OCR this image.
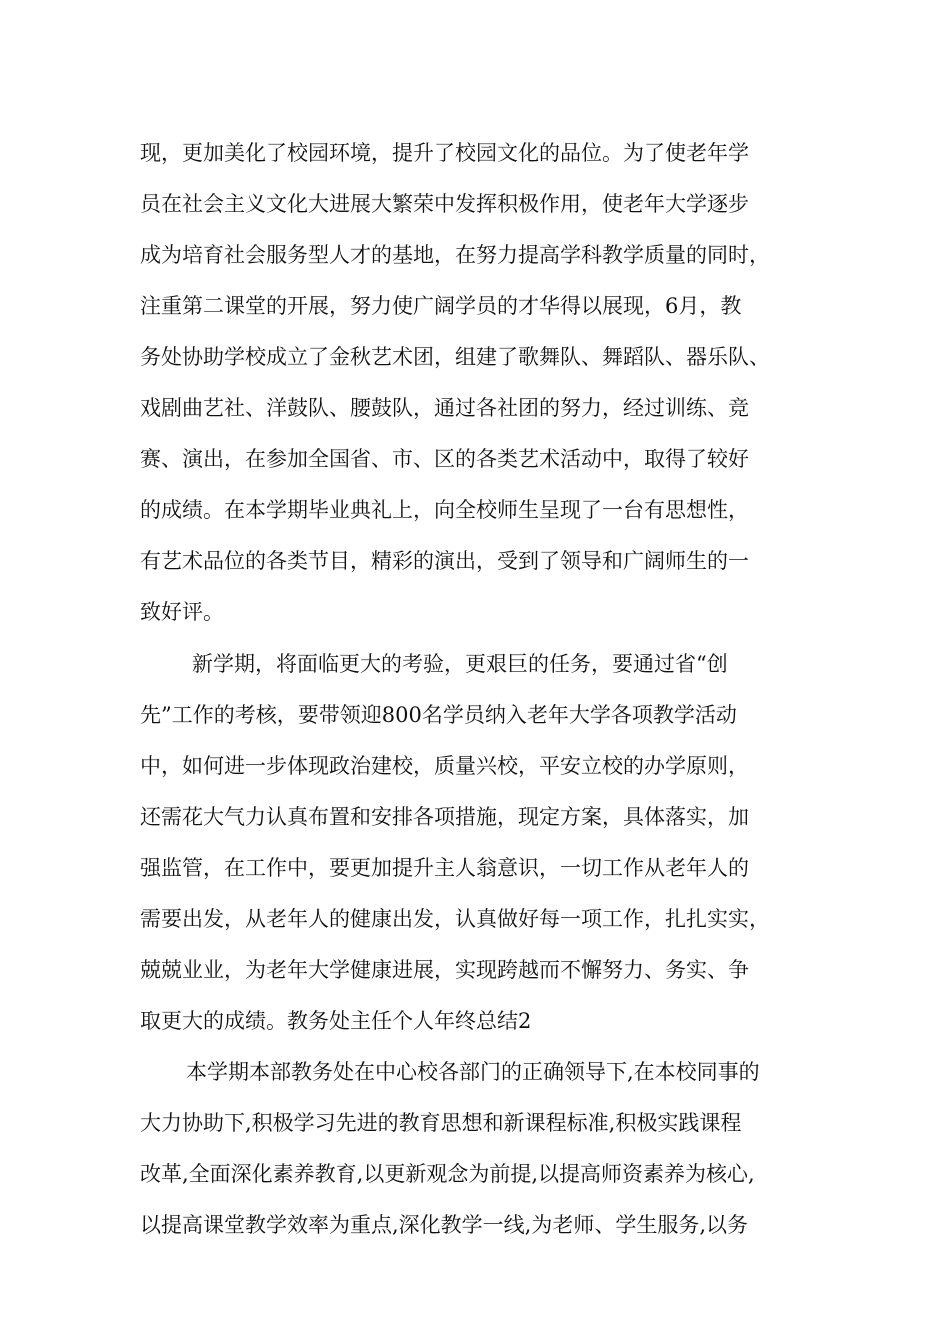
现，更加美化了校园环境，提升了校园文化的品位。为了使老年学
员在社会主义文化大进展大繁荣中发挥积极作用，使老年大学逐步
成为培育社会服务型人才的基地，在努力提高学科教学质量的同时，
注重第二课堂的开展，努力使广阔学员的才华得以展现，6月，教
务处协助学校成立了金秋艺术团，组建了歌舞队、舞蹈队、器乐队、
戏剧曲艺社、洋鼓队、腰鼓队，通过各社团的努力，经过训练、竞
赛、演出，在参加全国省、市、区的各类艺术活动中，取得了较好
的成绩。在本学期毕业典礼上，向全校师生呈现了一台有思想性，
有艺术品位的各类节目，精彩的演出，受到了领导和广阔师生的一
致好评。
新学期，将面临更大的考验，更艰巨的任务，要通过省“创
先”工作的考核，要带领迎800名学员纳入老年大学各项教学活动
中，如何进一步体现政治建校，质量兴校，平安立校的办学原则，
还需花大气力认真布置和安排各项措施，现定方案，具体落实，加
强监管，在工作中，要更加提升主人翁意识，一切工作从老年人的
需要出发，从老年人的健康出发，认真做好每一项工作，扎扎实实，
兢兢业业，为老年大学健康进展，实现跨越而不懈努力、务实、争
取更大的成绩。教务处主任个人年终总结2
本学期本部教务处在中心校各部门的正确领导下,在本校同事的
大力协助下,积极学习先进的教育思想和新课程标准,积极实践课程
改革,全面深化素养教育,以更新观念为前提,以提高师资素养为核心,
以提高课堂教学效率为重点,深化教学一线,为老师、学生服务,以务
